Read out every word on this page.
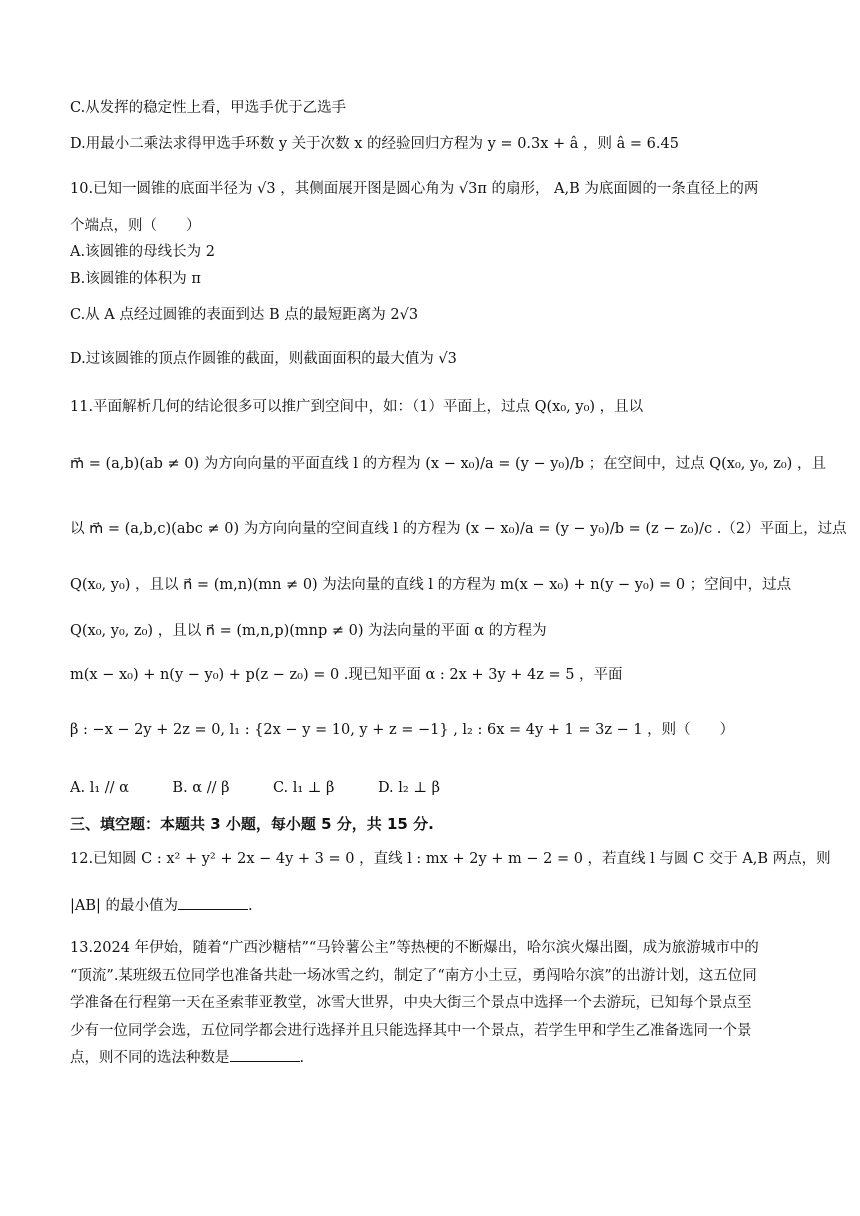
C.从发挥的稳定性上看，甲选手优于乙选手
D.用最小二乘法求得甲选手环数 y 关于次数 x 的经验回归方程为 y = 0.3x + â ，则 â = 6.45
10.已知一圆锥的底面半径为 √3 ，其侧面展开图是圆心角为 √3π 的扇形， A,B 为底面圆的一条直径上的两
个端点，则（　　）
A.该圆锥的母线长为 2
B.该圆锥的体积为 π
C.从 A 点经过圆锥的表面到达 B 点的最短距离为 2√3
D.过该圆锥的顶点作圆锥的截面，则截面面积的最大值为 √3
11.平面解析几何的结论很多可以推广到空间中，如：（1）平面上，过点 Q(x₀, y₀) ，且以
m⃗ = (a,b)(ab ≠ 0) 为方向向量的平面直线 l 的方程为 (x − x₀)/a = (y − y₀)/b ；在空间中，过点 Q(x₀, y₀, z₀) ，且
以 m⃗ = (a,b,c)(abc ≠ 0) 为方向向量的空间直线 l 的方程为 (x − x₀)/a = (y − y₀)/b = (z − z₀)/c .（2）平面上，过点
Q(x₀, y₀) ，且以 n⃗ = (m,n)(mn ≠ 0) 为法向量的直线 l 的方程为 m(x − x₀) + n(y − y₀) = 0 ；空间中，过点
Q(x₀, y₀, z₀) ，且以 n⃗ = (m,n,p)(mnp ≠ 0) 为法向量的平面 α 的方程为
m(x − x₀) + n(y − y₀) + p(z − z₀) = 0 .现已知平面 α : 2x + 3y + 4z = 5 ，平面
β : −x − 2y + 2z = 0, l₁ : {2x − y = 10, y + z = −1} , l₂ : 6x = 4y + 1 = 3z − 1 ，则（　　）
A. l₁ // α　　　B. α // β　　　C. l₁ ⊥ β　　　D. l₂ ⊥ β
三、填空题：本题共 3 小题，每小题 5 分，共 15 分.
12.已知圆 C : x² + y² + 2x − 4y + 3 = 0 ，直线 l : mx + 2y + m − 2 = 0 ，若直线 l 与圆 C 交于 A,B 两点，则
|AB| 的最小值为	.
13.2024 年伊始，随着“广西沙糖桔”“马铃薯公主”等热梗的不断爆出，哈尔滨火爆出圈，成为旅游城市中的
“顶流”.某班级五位同学也准备共赴一场冰雪之约，制定了“南方小土豆，勇闯哈尔滨”的出游计划，这五位同
学准备在行程第一天在圣索菲亚教堂，冰雪大世界，中央大街三个景点中选择一个去游玩，已知每个景点至
少有一位同学会选，五位同学都会进行选择并且只能选择其中一个景点，若学生甲和学生乙准备选同一个景
点，则不同的选法种数是	.
